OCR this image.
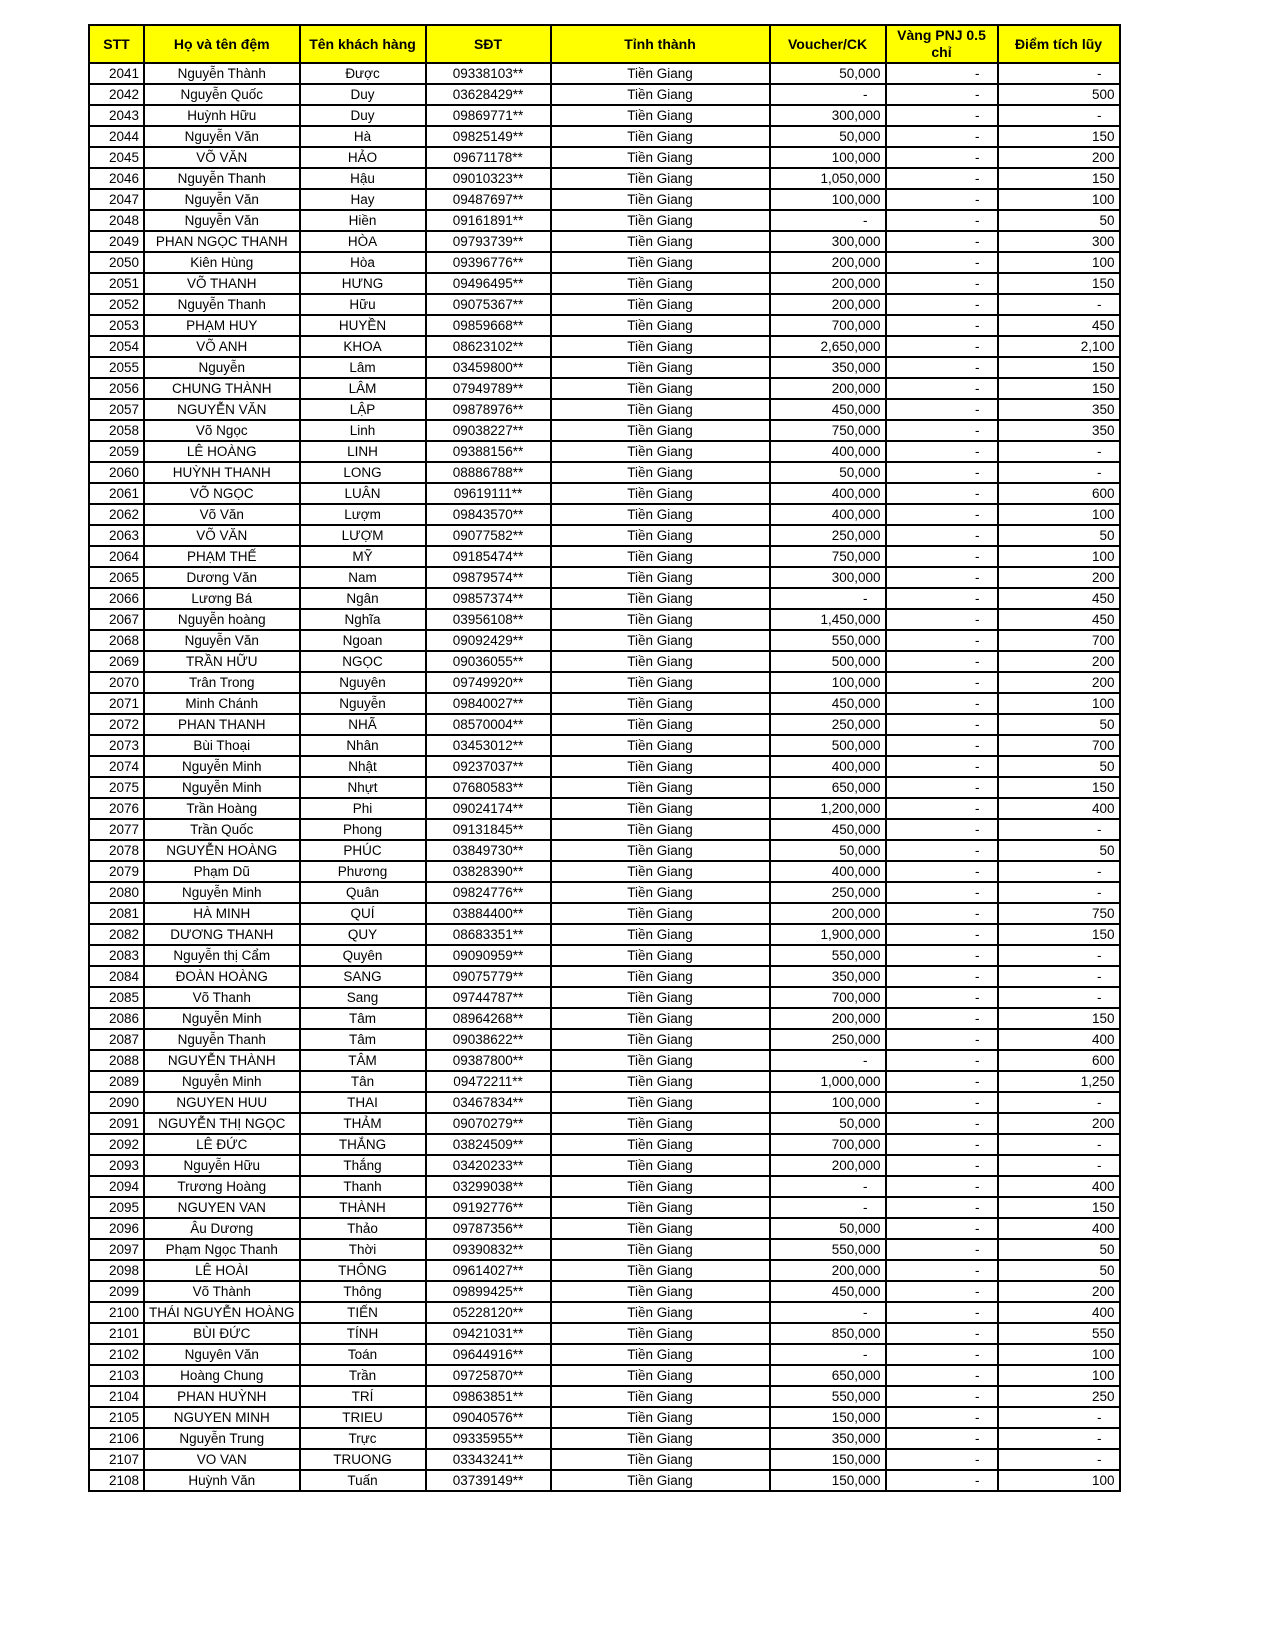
STT	Họ và tên đệm	Tên khách hàng	SĐT	Tỉnh thành	Voucher/CK	Vàng PNJ 0.5 chỉ	Điểm tích lũy
2041	Nguyễn Thành	Được	09338103**	Tiền Giang	50,000	-	-
2042	Nguyễn Quốc	Duy	03628429**	Tiền Giang	-	-	500
2043	Huỳnh Hữu	Duy	09869771**	Tiền Giang	300,000	-	-
2044	Nguyễn Văn	Hà	09825149**	Tiền Giang	50,000	-	150
2045	VÕ VĂN	HẢO	09671178**	Tiền Giang	100,000	-	200
2046	Nguyễn Thanh	Hậu	09010323**	Tiền Giang	1,050,000	-	150
2047	Nguyễn Văn	Hay	09487697**	Tiền Giang	100,000	-	100
2048	Nguyễn Văn	Hiền	09161891**	Tiền Giang	-	-	50
2049	PHAN NGỌC THANH	HÒA	09793739**	Tiền Giang	300,000	-	300
2050	Kiên Hùng	Hòa	09396776**	Tiền Giang	200,000	-	100
2051	VÕ THANH	HƯNG	09496495**	Tiền Giang	200,000	-	150
2052	Nguyễn Thanh	Hữu	09075367**	Tiền Giang	200,000	-	-
2053	PHẠM HUY	HUYỀN	09859668**	Tiền Giang	700,000	-	450
2054	VÕ ANH	KHOA	08623102**	Tiền Giang	2,650,000	-	2,100
2055	Nguyễn	Lâm	03459800**	Tiền Giang	350,000	-	150
2056	CHUNG THÀNH	LÂM	07949789**	Tiền Giang	200,000	-	150
2057	NGUYỄN VĂN	LẬP	09878976**	Tiền Giang	450,000	-	350
2058	Võ Ngọc	Linh	09038227**	Tiền Giang	750,000	-	350
2059	LÊ HOÀNG	LINH	09388156**	Tiền Giang	400,000	-	-
2060	HUỲNH THANH	LONG	08886788**	Tiền Giang	50,000	-	-
2061	VÕ NGỌC	LUÂN	09619111**	Tiền Giang	400,000	-	600
2062	Võ Văn	Lượm	09843570**	Tiền Giang	400,000	-	100
2063	VÕ VĂN	LƯỢM	09077582**	Tiền Giang	250,000	-	50
2064	PHẠM THẾ	MỸ	09185474**	Tiền Giang	750,000	-	100
2065	Dương Văn	Nam	09879574**	Tiền Giang	300,000	-	200
2066	Lương Bá	Ngân	09857374**	Tiền Giang	-	-	450
2067	Nguyễn hoàng	Nghĩa	03956108**	Tiền Giang	1,450,000	-	450
2068	Nguyễn Văn	Ngoan	09092429**	Tiền Giang	550,000	-	700
2069	TRẦN HỮU	NGỌC	09036055**	Tiền Giang	500,000	-	200
2070	Trân Trong	Nguyên	09749920**	Tiền Giang	100,000	-	200
2071	Minh Chánh	Nguyễn	09840027**	Tiền Giang	450,000	-	100
2072	PHAN THANH	NHÃ	08570004**	Tiền Giang	250,000	-	50
2073	Bùi Thoại	Nhân	03453012**	Tiền Giang	500,000	-	700
2074	Nguyễn Minh	Nhật	09237037**	Tiền Giang	400,000	-	50
2075	Nguyễn Minh	Nhựt	07680583**	Tiền Giang	650,000	-	150
2076	Trần Hoàng	Phi	09024174**	Tiền Giang	1,200,000	-	400
2077	Trần Quốc	Phong	09131845**	Tiền Giang	450,000	-	-
2078	NGUYỄN HOÀNG	PHÚC	03849730**	Tiền Giang	50,000	-	50
2079	Phạm Dũ	Phương	03828390**	Tiền Giang	400,000	-	-
2080	Nguyễn Minh	Quân	09824776**	Tiền Giang	250,000	-	-
2081	HÀ MINH	QUÍ	03884400**	Tiền Giang	200,000	-	750
2082	DƯƠNG THANH	QUY	08683351**	Tiền Giang	1,900,000	-	150
2083	Nguyễn thị Cẩm	Quyên	09090959**	Tiền Giang	550,000	-	-
2084	ĐOÀN HOÀNG	SANG	09075779**	Tiền Giang	350,000	-	-
2085	Võ Thanh	Sang	09744787**	Tiền Giang	700,000	-	-
2086	Nguyễn Minh	Tâm	08964268**	Tiền Giang	200,000	-	150
2087	Nguyễn Thanh	Tâm	09038622**	Tiền Giang	250,000	-	400
2088	NGUYỄN THÀNH	TÂM	09387800**	Tiền Giang	-	-	600
2089	Nguyễn Minh	Tân	09472211**	Tiền Giang	1,000,000	-	1,250
2090	NGUYEN HUU	THAI	03467834**	Tiền Giang	100,000	-	-
2091	NGUYỄN THỊ NGỌC	THẢM	09070279**	Tiền Giang	50,000	-	200
2092	LÊ ĐỨC	THẮNG	03824509**	Tiền Giang	700,000	-	-
2093	Nguyễn Hữu	Thắng	03420233**	Tiền Giang	200,000	-	-
2094	Trương Hoàng	Thanh	03299038**	Tiền Giang	-	-	400
2095	NGUYEN VAN	THÀNH	09192776**	Tiền Giang	-	-	150
2096	Âu Dương	Thảo	09787356**	Tiền Giang	50,000	-	400
2097	Phạm Ngọc Thanh	Thời	09390832**	Tiền Giang	550,000	-	50
2098	LÊ HOÀI	THÔNG	09614027**	Tiền Giang	200,000	-	50
2099	Võ Thành	Thông	09899425**	Tiền Giang	450,000	-	200
2100	THÁI NGUYỄN HOÀNG	TIẾN	05228120**	Tiền Giang	-	-	400
2101	BÙI ĐỨC	TÍNH	09421031**	Tiền Giang	850,000	-	550
2102	Nguyên Văn	Toán	09644916**	Tiền Giang	-	-	100
2103	Hoàng Chung	Trần	09725870**	Tiền Giang	650,000	-	100
2104	PHAN HUỲNH	TRÍ	09863851**	Tiền Giang	550,000	-	250
2105	NGUYEN MINH	TRIEU	09040576**	Tiền Giang	150,000	-	-
2106	Nguyễn Trung	Trực	09335955**	Tiền Giang	350,000	-	-
2107	VO VAN	TRUONG	03343241**	Tiền Giang	150,000	-	-
2108	Huỳnh Văn	Tuấn	03739149**	Tiền Giang	150,000	-	100
